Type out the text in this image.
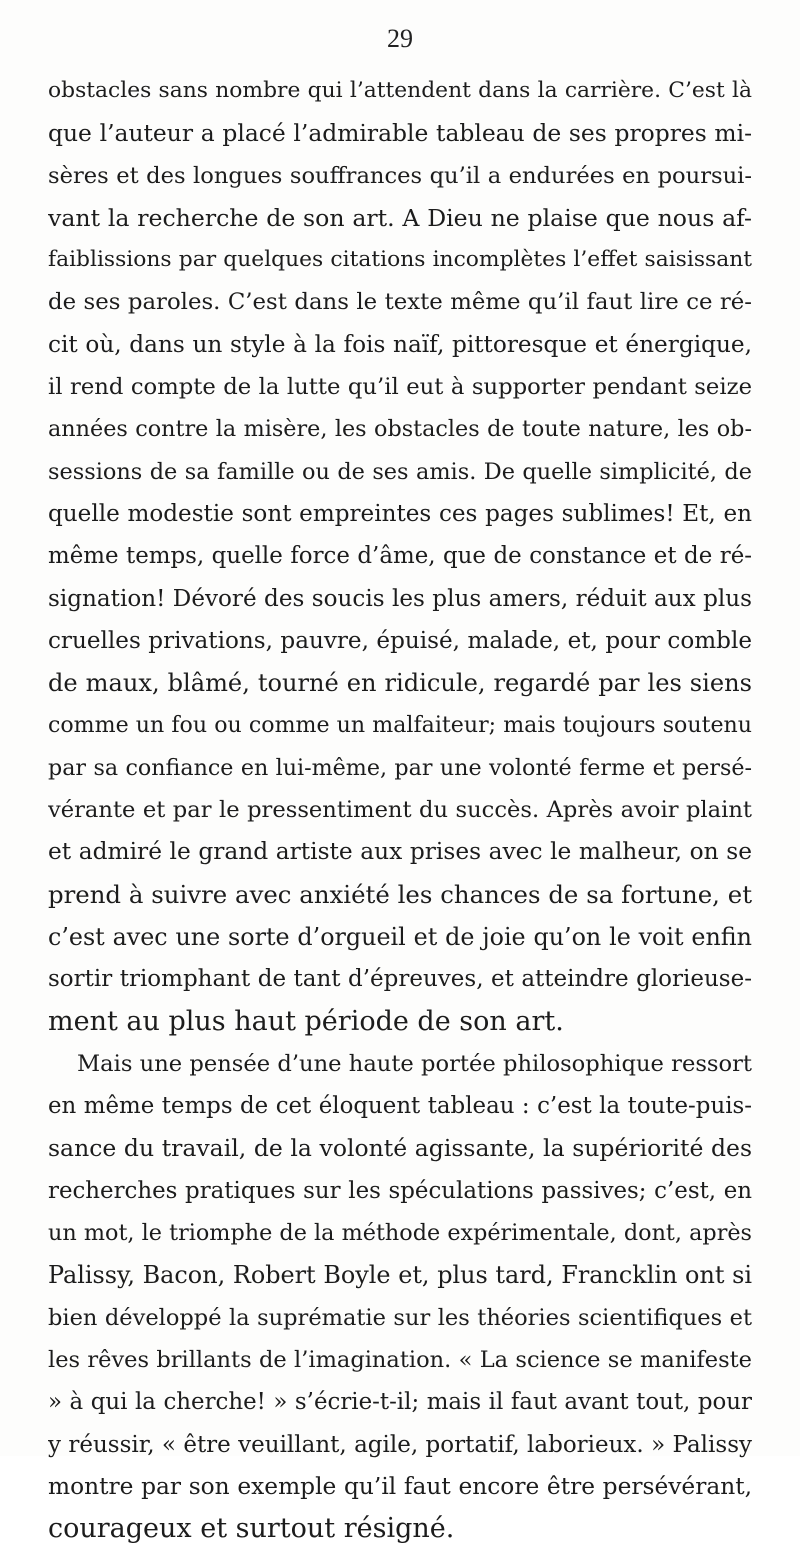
29
obstacles sans nombre qui l’attendent dans la carrière. C’est là
que l’auteur a placé l’admirable tableau de ses propres mi-
sères et des longues souffrances qu’il a endurées en poursui-
vant la recherche de son art. A Dieu ne plaise que nous af-
faiblissions par quelques citations incomplètes l’effet saisissant
de ses paroles. C’est dans le texte même qu’il faut lire ce ré-
cit où, dans un style à la fois naïf, pittoresque et énergique,
il rend compte de la lutte qu’il eut à supporter pendant seize
années contre la misère, les obstacles de toute nature, les ob-
sessions de sa famille ou de ses amis. De quelle simplicité, de
quelle modestie sont empreintes ces pages sublimes! Et, en
même temps, quelle force d’âme, que de constance et de ré-
signation! Dévoré des soucis les plus amers, réduit aux plus
cruelles privations, pauvre, épuisé, malade, et, pour comble
de maux, blâmé, tourné en ridicule, regardé par les siens
comme un fou ou comme un malfaiteur; mais toujours soutenu
par sa confiance en lui-même, par une volonté ferme et persé-
vérante et par le pressentiment du succès. Après avoir plaint
et admiré le grand artiste aux prises avec le malheur, on se
prend à suivre avec anxiété les chances de sa fortune, et
c’est avec une sorte d’orgueil et de joie qu’on le voit enfin
sortir triomphant de tant d’épreuves, et atteindre glorieuse-
ment au plus haut période de son art.
Mais une pensée d’une haute portée philosophique ressort
en même temps de cet éloquent tableau : c’est la toute-puis-
sance du travail, de la volonté agissante, la supériorité des
recherches pratiques sur les spéculations passives; c’est, en
un mot, le triomphe de la méthode expérimentale, dont, après
Palissy, Bacon, Robert Boyle et, plus tard, Francklin ont si
bien développé la suprématie sur les théories scientifiques et
les rêves brillants de l’imagination. « La science se manifeste
» à qui la cherche! » s’écrie-t-il; mais il faut avant tout, pour
y réussir, « être veuillant, agile, portatif, laborieux. » Palissy
montre par son exemple qu’il faut encore être persévérant,
courageux et surtout résigné.
